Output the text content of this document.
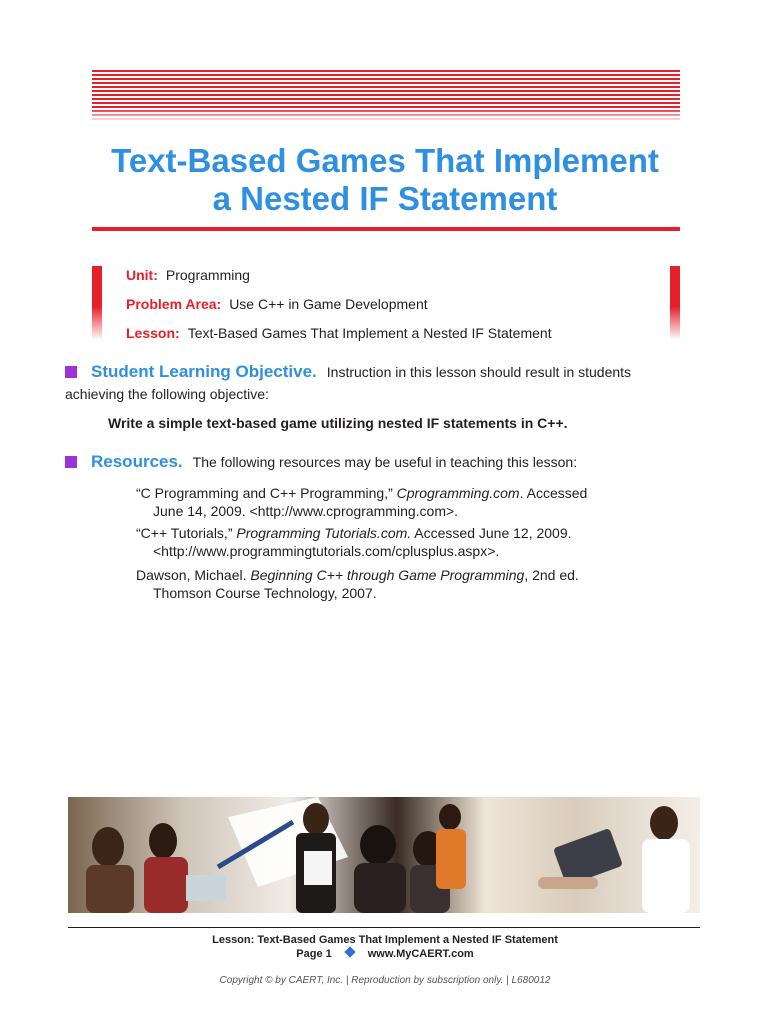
Text-Based Games That Implement
a Nested IF Statement
Unit: Programming
Problem Area: Use C++ in Game Development
Lesson: Text-Based Games That Implement a Nested IF Statement
Student Learning Objective. Instruction in this lesson should result in students
achieving the following objective:
Write a simple text-based game utilizing nested IF statements in C++.
Resources. The following resources may be useful in teaching this lesson:
“C Programming and C++ Programming,” Cprogramming.com. Accessed
June 14, 2009. <http://www.cprogramming.com>.
“C++ Tutorials,” Programming Tutorials.com. Accessed June 12, 2009.
<http://www.programmingtutorials.com/cplusplus.aspx>.
Dawson, Michael. Beginning C++ through Game Programming, 2nd ed.
Thomson Course Technology, 2007.
Lesson: Text-Based Games That Implement a Nested IF Statement
Page 1	www.MyCAERT.com
Copyright © by CAERT, Inc. | Reproduction by subscription only. | L680012
